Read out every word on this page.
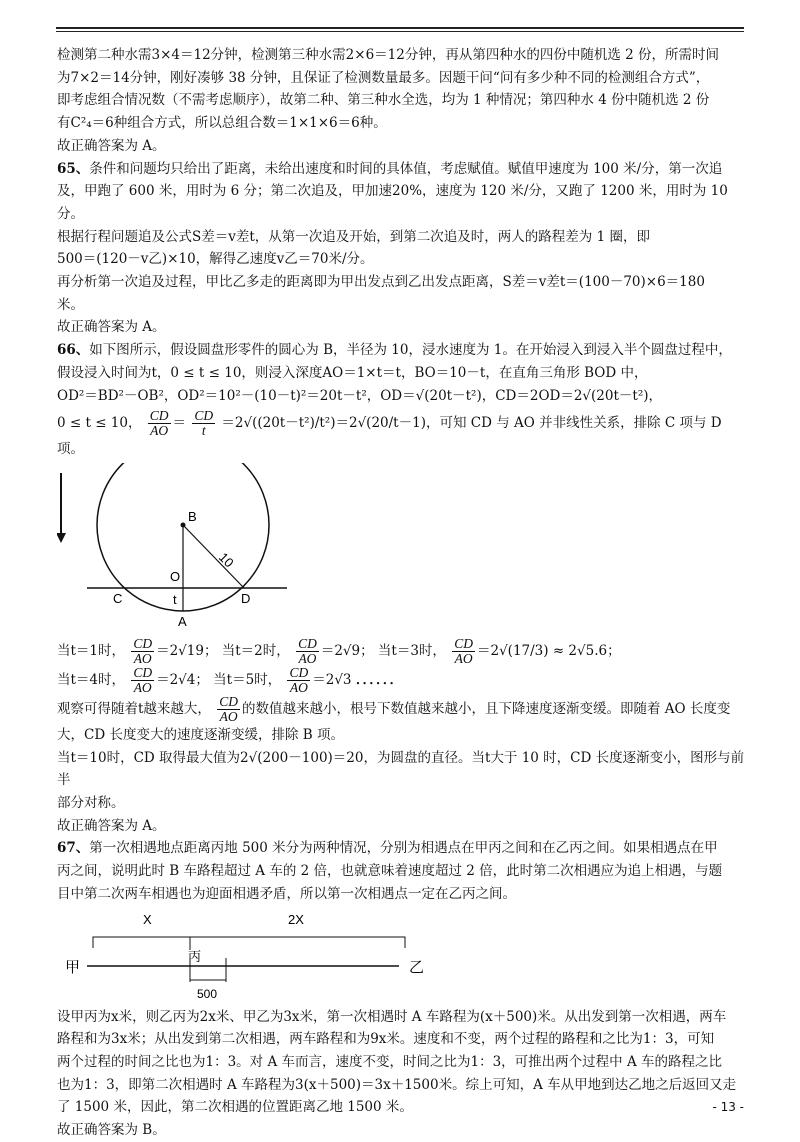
检测第二种水需3×4＝12分钟，检测第三种水需2×6＝12分钟，再从第四种水的四份中随机选 2 份，所需时间

为7×2＝14分钟，刚好凑够 38 分钟，且保证了检测数量最多。因题干问“问有多少种不同的检测组合方式”，

即考虑组合情况数（不需考虑顺序），故第二种、第三种水全选，均为 1 种情况；第四种水 4 份中随机选 2 份

有C²₄＝6种组合方式，所以总组合数＝1×1×6＝6种。

故正确答案为 A。

65、条件和问题均只给出了距离，未给出速度和时间的具体值，考虑赋值。赋值甲速度为 100 米/分，第一次追

及，甲跑了 600 米，用时为 6 分；第二次追及，甲加速20%，速度为 120 米/分，又跑了 1200 米，用时为 10

分。

根据行程问题追及公式S差＝v差t，从第一次追及开始，到第二次追及时，两人的路程差为 1 圈，即

500＝(120－v乙)×10，解得乙速度v乙＝70米/分。

再分析第一次追及过程，甲比乙多走的距离即为甲出发点到乙出发点距离，S差＝v差t＝(100－70)×6＝180

米。

故正确答案为 A。

66、如下图所示，假设圆盘形零件的圆心为 B，半径为 10，浸水速度为 1。在开始浸入到浸入半个圆盘过程中，

假设浸入时间为t，0 ≤ t ≤ 10，则浸入深度AO＝1×t＝t，BO＝10－t，在直角三角形 BOD 中，

OD²＝BD²－OB²，OD²＝10²－(10－t)²＝20t－t²，OD＝√(20t－t²)，CD＝2OD＝2√(20t－t²)，

0 ≤ t ≤ 10， $\frac{CD}{AO} = \frac{CD}{t} =2√((20t-t^2)/t^2)=2√(20/t-1)$，可知 CD 与 AO 并非线性关系，排除 C 项与 D 项。

B
10
O
C	D
t
A

当t＝1时， $\frac{CD}{AO} =2√19$； 当t＝2时， $\frac{CD}{AO} =2√9$； 当t＝3时， $\frac{CD}{AO} =2√(17/3) \approx 2√5.6$；

当t＝4时， $\frac{CD}{AO} =2√4$； 当t＝5时， $\frac{CD}{AO} =2√3$ ．．．．．．

观察可得随着t越来越大， $\frac{CD}{AO}$ 的数值越来越小，根号下数值越来越小，且下降速度逐渐变缓。即随着 AO 长度变

大，CD 长度变大的速度逐渐变缓，排除 B 项。

当t＝10时，CD 取得最大值为2√(200－100)＝20，为圆盘的直径。当t大于 10 时，CD 长度逐渐变小，图形与前半

部分对称。

故正确答案为 A。

67、第一次相遇地点距离丙地 500 米分为两种情况，分别为相遇点在甲丙之间和在乙丙之间。如果相遇点在甲

丙之间，说明此时 B 车路程超过 A 车的 2 倍，也就意味着速度超过 2 倍，此时第二次相遇应为追上相遇，与题

目中第二次两车相遇也为迎面相遇矛盾，所以第一次相遇点一定在乙丙之间。

X	2X
甲	乙
丙
500

设甲丙为x米，则乙丙为2x米、甲乙为3x米，第一次相遇时 A 车路程为(x＋500)米。从出发到第一次相遇，两车

路程和为3x米；从出发到第二次相遇，两车路程和为9x米。速度和不变，两个过程的路程和之比为1：3，可知

两个过程的时间之比也为1：3。对 A 车而言，速度不变，时间之比为1：3，可推出两个过程中 A 车的路程之比

也为1：3，即第二次相遇时 A 车路程为3(x＋500)＝3x＋1500米。综上可知，A 车从甲地到达乙地之后返回又走

了 1500 米，因此，第二次相遇的位置距离乙地 1500 米。

故正确答案为 B。

- 13 -
